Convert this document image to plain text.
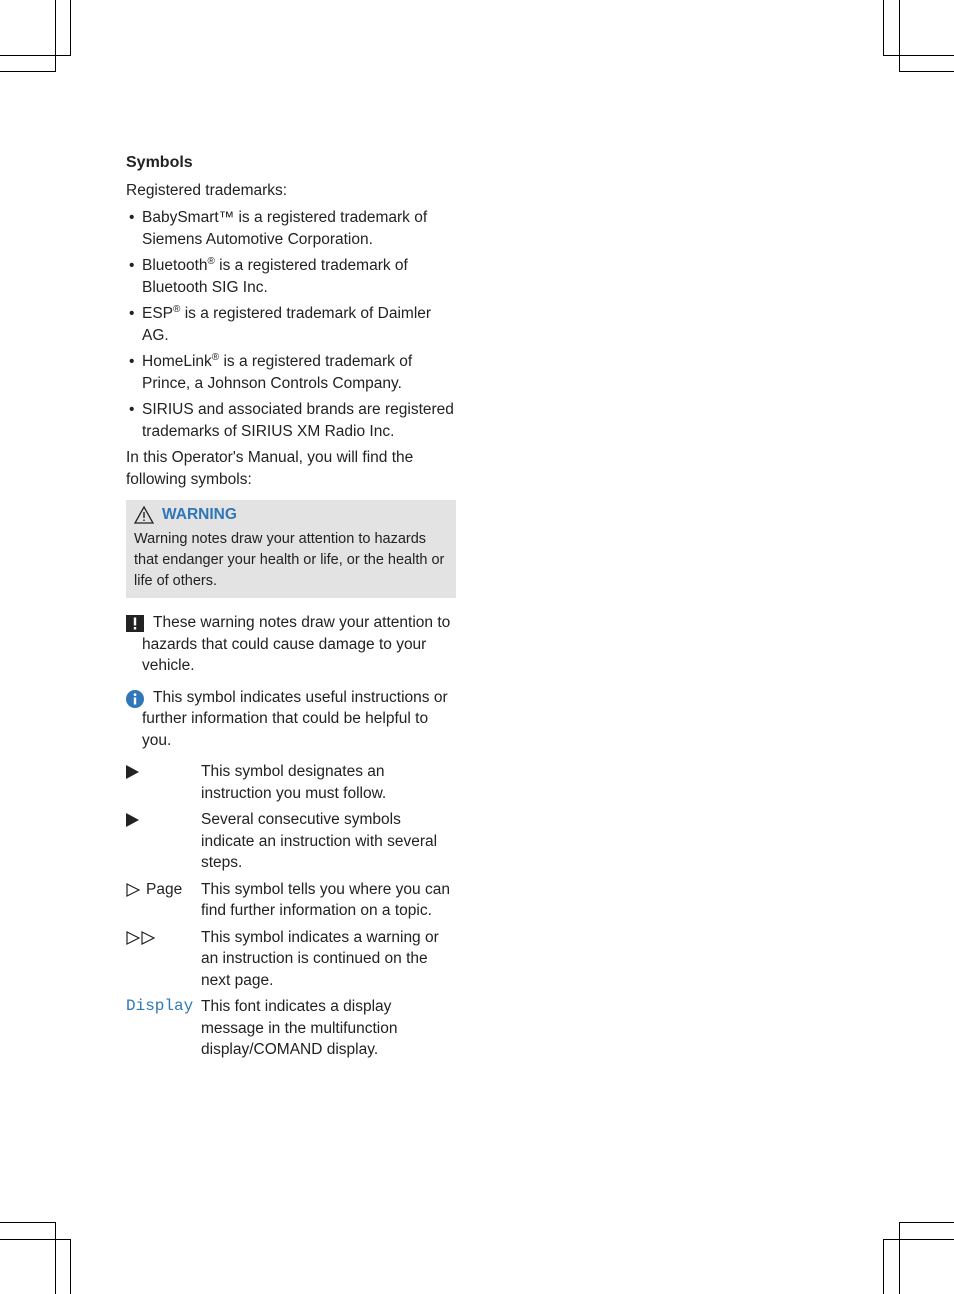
Symbols
Registered trademarks:
• BabySmart™ is a registered trademark of Siemens Automotive Corporation.
• Bluetooth® is a registered trademark of Bluetooth SIG Inc.
• ESP® is a registered trademark of Daimler AG.
• HomeLink® is a registered trademark of Prince, a Johnson Controls Company.
• SIRIUS and associated brands are registered trademarks of SIRIUS XM Radio Inc.
In this Operator's Manual, you will find the following symbols:
WARNING
Warning notes draw your attention to hazards that endanger your health or life, or the health or life of others.
These warning notes draw your attention to hazards that could cause damage to your vehicle.
This symbol indicates useful instructions or further information that could be helpful to you.
This symbol designates an instruction you must follow.
Several consecutive symbols indicate an instruction with several steps.
Page This symbol tells you where you can find further information on a topic.
This symbol indicates a warning or an instruction is continued on the next page.
Display This font indicates a display message in the multifunction display/COMAND display.
